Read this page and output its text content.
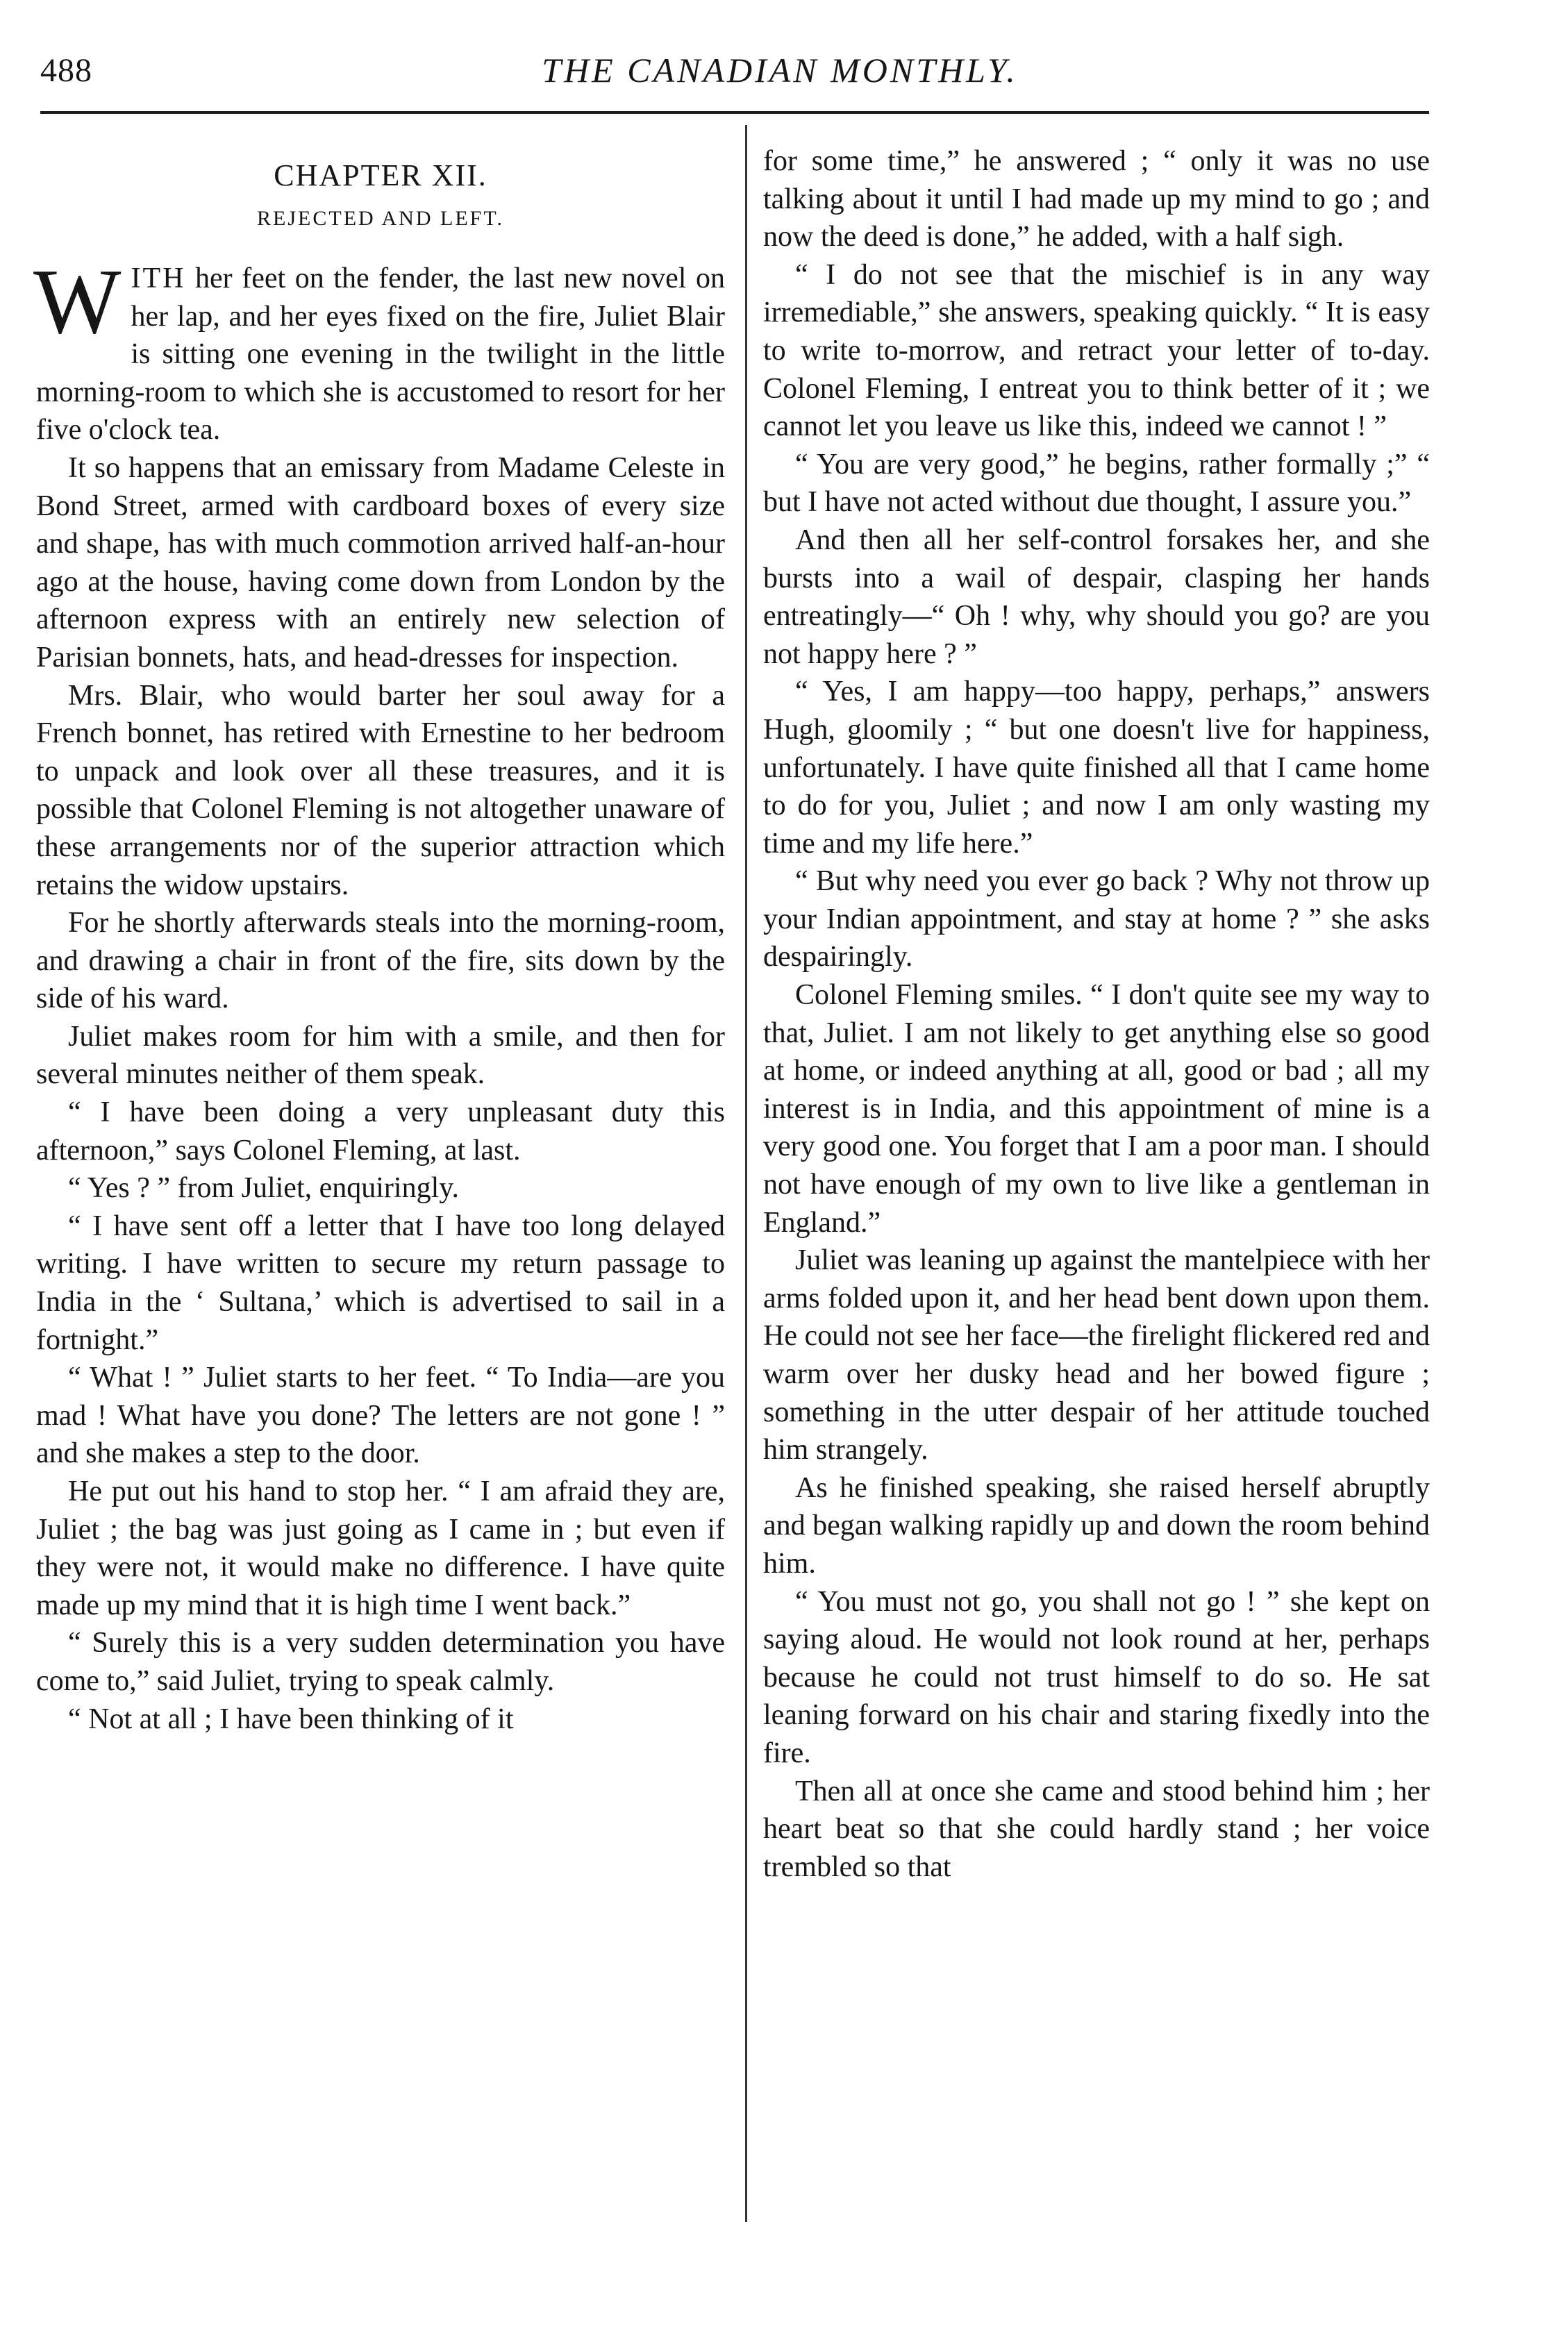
488	THE CANADIAN MONTHLY.
CHAPTER XII.
REJECTED AND LEFT.

WITH her feet on the fender, the last new novel on her lap, and her eyes fixed on the fire, Juliet Blair is sitting one evening in the twilight in the little morning-room to which she is accustomed to resort for her five o'clock tea.

It so happens that an emissary from Madame Celeste in Bond Street, armed with cardboard boxes of every size and shape, has with much commotion arrived half-an-hour ago at the house, having come down from London by the afternoon express with an entirely new selection of Parisian bonnets, hats, and head-dresses for inspection.

Mrs. Blair, who would barter her soul away for a French bonnet, has retired with Ernestine to her bedroom to unpack and look over all these treasures, and it is possible that Colonel Fleming is not altogether unaware of these arrangements nor of the superior attraction which retains the widow upstairs.

For he shortly afterwards steals into the morning-room, and drawing a chair in front of the fire, sits down by the side of his ward.

Juliet makes room for him with a smile, and then for several minutes neither of them speak.

“ I have been doing a very unpleasant duty this afternoon,” says Colonel Fleming, at last.

“ Yes ? ” from Juliet, enquiringly.

“ I have sent off a letter that I have too long delayed writing. I have written to secure my return passage to India in the ‘ Sultana,’ which is advertised to sail in a fortnight.”

“ What ! ” Juliet starts to her feet. “ To India—are you mad ! What have you done? The letters are not gone ! ” and she makes a step to the door.

He put out his hand to stop her. “ I am afraid they are, Juliet ; the bag was just going as I came in ; but even if they were not, it would make no difference. I have quite made up my mind that it is high time I went back.”

“ Surely this is a very sudden determination you have come to,” said Juliet, trying to speak calmly.

“ Not at all ; I have been thinking of it

for some time,” he answered ; “ only it was no use talking about it until I had made up my mind to go ; and now the deed is done,” he added, with a half sigh.

“ I do not see that the mischief is in any way irremediable,” she answers, speaking quickly. “ It is easy to write to-morrow, and retract your letter of to-day. Colonel Fleming, I entreat you to think better of it ; we cannot let you leave us like this, indeed we cannot ! ”

“ You are very good,” he begins, rather formally ;” “ but I have not acted without due thought, I assure you.”

And then all her self-control forsakes her, and she bursts into a wail of despair, clasping her hands entreatingly—“ Oh ! why, why should you go? are you not happy here ? ”

“ Yes, I am happy—too happy, perhaps,” answers Hugh, gloomily ; “ but one doesn't live for happiness, unfortunately. I have quite finished all that I came home to do for you, Juliet ; and now I am only wasting my time and my life here.”

“ But why need you ever go back ? Why not throw up your Indian appointment, and stay at home ? ” she asks despairingly.

Colonel Fleming smiles. “ I don't quite see my way to that, Juliet. I am not likely to get anything else so good at home, or indeed anything at all, good or bad ; all my interest is in India, and this appointment of mine is a very good one. You forget that I am a poor man. I should not have enough of my own to live like a gentleman in England.”

Juliet was leaning up against the mantelpiece with her arms folded upon it, and her head bent down upon them. He could not see her face—the firelight flickered red and warm over her dusky head and her bowed figure ; something in the utter despair of her attitude touched him strangely.

As he finished speaking, she raised herself abruptly and began walking rapidly up and down the room behind him.

“ You must not go, you shall not go ! ” she kept on saying aloud. He would not look round at her, perhaps because he could not trust himself to do so. He sat leaning forward on his chair and staring fixedly into the fire.

Then all at once she came and stood behind him ; her heart beat so that she could hardly stand ; her voice trembled so that
